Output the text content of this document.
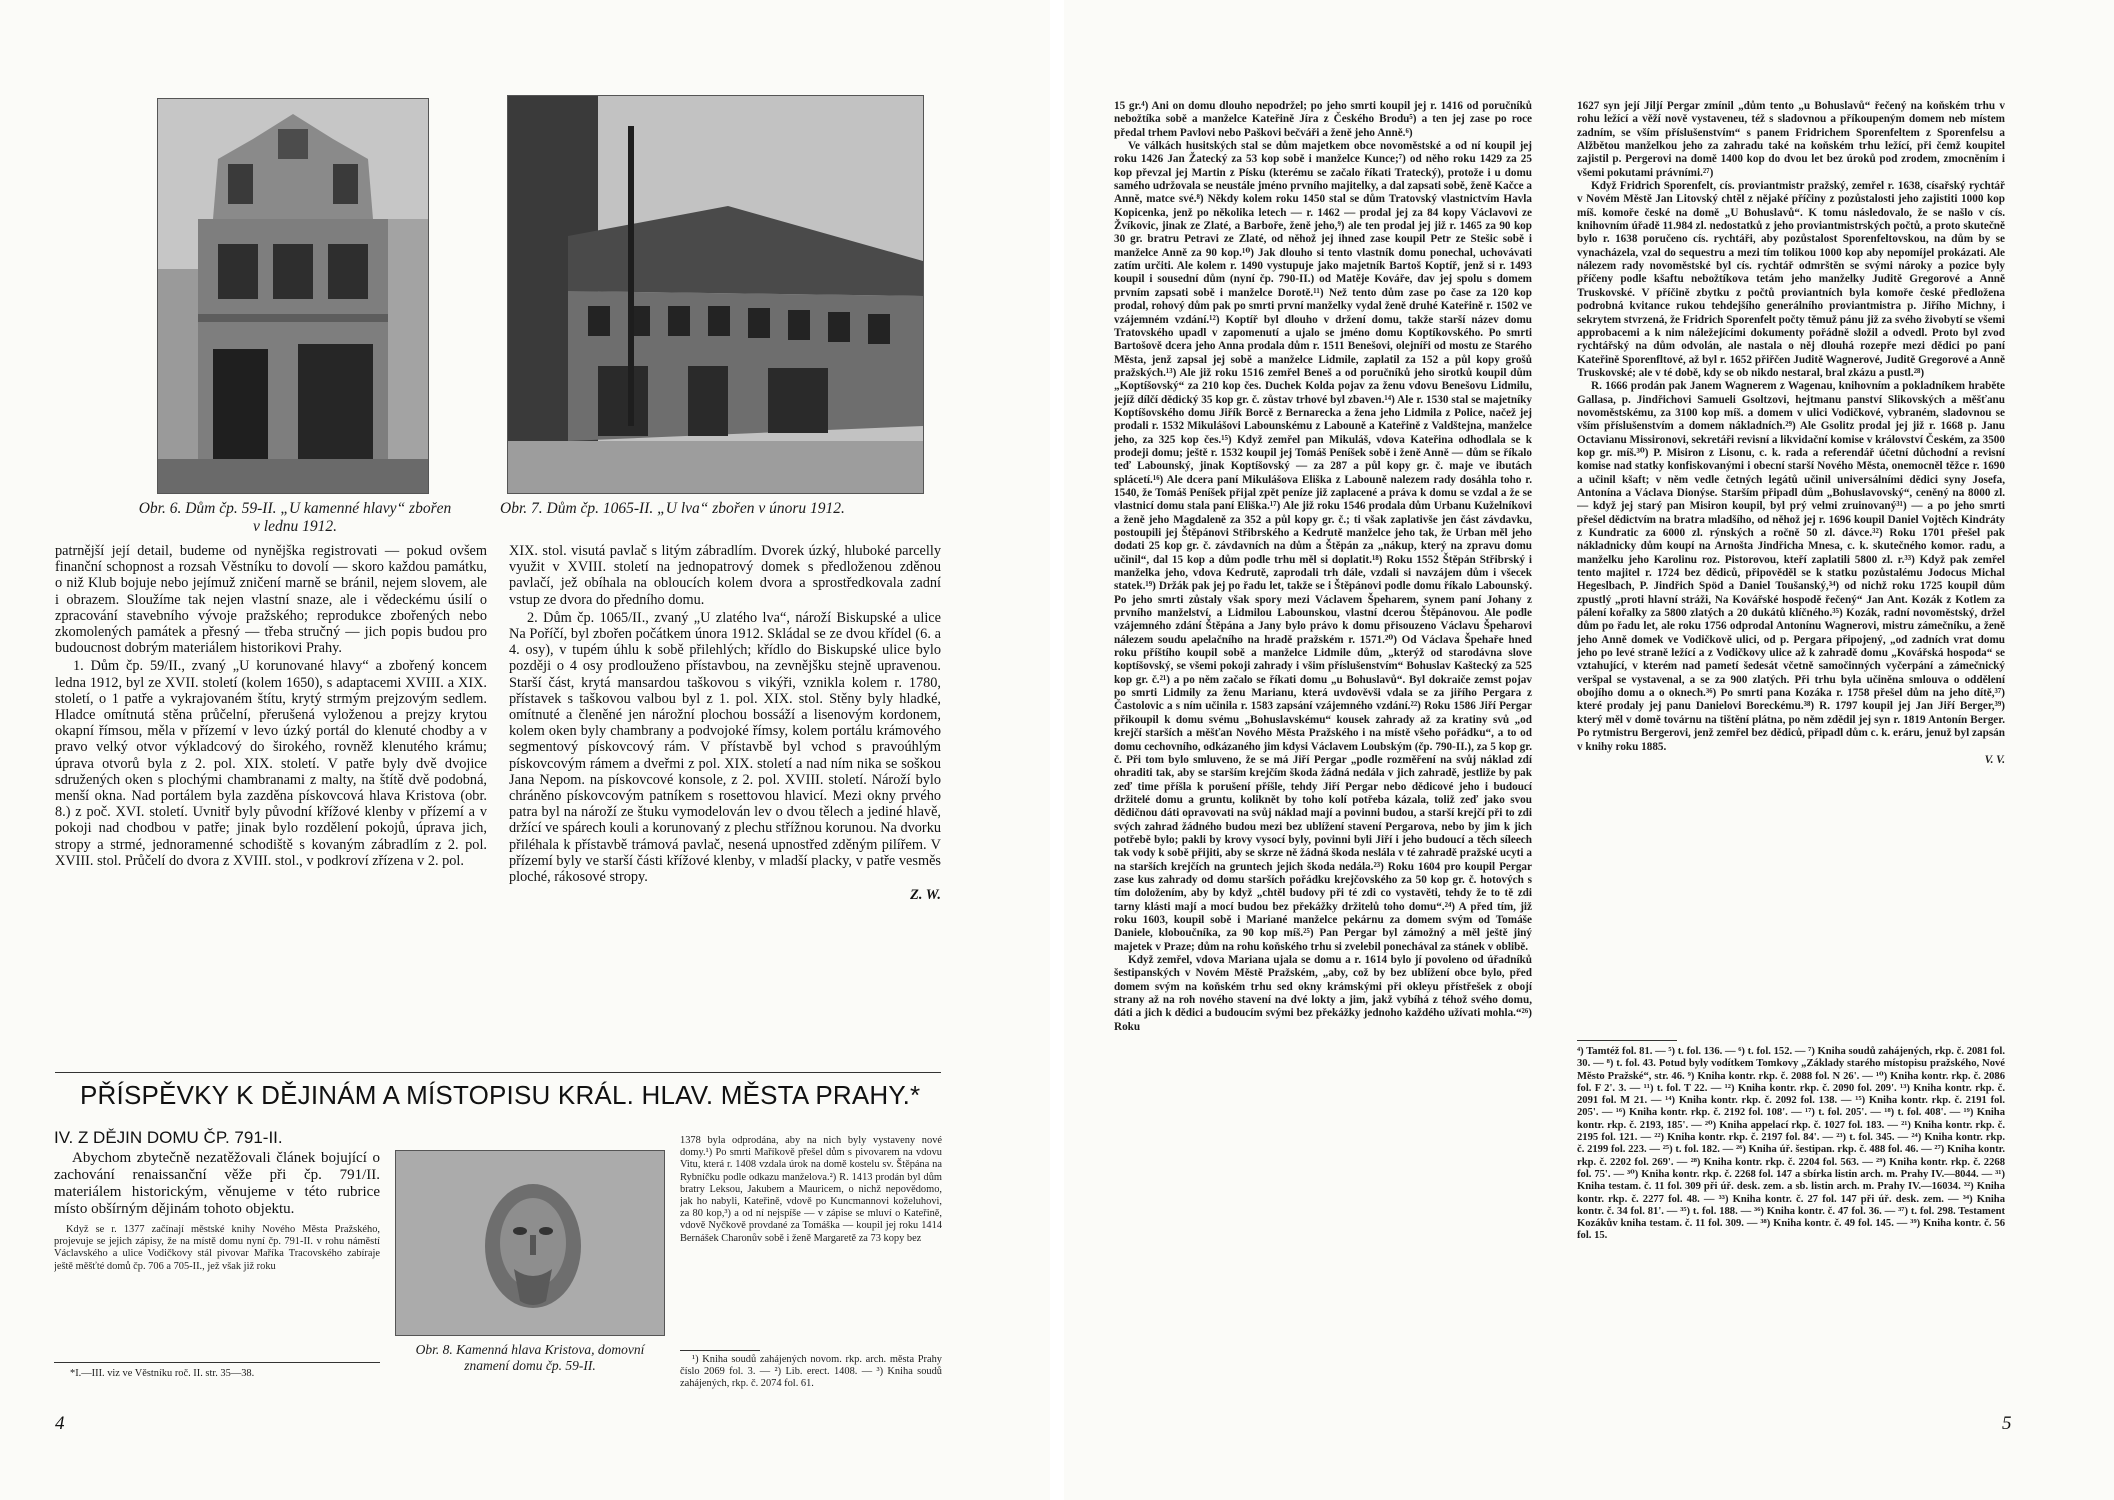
Obr. 6. Dům čp. 59-II. „U kamenné hlavy“ zbořen
v lednu 1912.
Obr. 7. Dům čp. 1065-II. „U lva“ zbořen v únoru 1912.

patrnější její detail, budeme od nynějška registrovati — pokud ovšem finanční schopnost a rozsah Věstníku to dovolí — skoro každou památku, o niž Klub bojuje nebo jejímuž zničení marně se bránil, nejem slovem, ale i obrazem. Sloužíme tak nejen vlastní snaze, ale i vědeckému úsilí o zpracování stavebního vývoje pražského; reprodukce zbořených nebo zkomolených památek a přesný — třeba stručný — jich popis budou pro budoucnost dobrým materiálem historikovi Prahy.

1. Dům čp. 59/II., zvaný „U korunované hlavy“ a zbořený koncem ledna 1912, byl ze XVII. století (kolem 1650), s adaptacemi XVIII. a XIX. století, o 1 patře a vykrajovaném štítu, krytý strmým prejzovým sedlem. Hladce omítnutá stěna průčelní, přerušená vyloženou a prejzy krytou okapní římsou, měla v přízemí v levo úzký portál do klenuté chodby a v pravo velký otvor výkladcový do širokého, rovněž klenutého krámu; úprava otvorů byla z 2. pol. XIX. století. V patře byly dvě dvojice sdružených oken s plochými chambranami z malty, na štítě dvě podobná, menší okna. Nad portálem byla zazděna pískovcová hlava Kristova (obr. 8.) z poč. XVI. století. Uvnitř byly původní křížové klenby v přízemí a v pokoji nad chodbou v patře; jinak bylo rozdělení pokojů, úprava jich, stropy a strmé, jednoramenné schodiště s kovaným zábradlím z 2. pol. XVIII. stol. Průčelí do dvora z XVIII. stol., v podkroví zřízena v 2. pol.

XIX. stol. visutá pavlač s litým zábradlím. Dvorek úzký, hluboké parcelly využit v XVIII. století na jednopatrový domek s předloženou zděnou pavlačí, jež obíhala na obloucích kolem dvora a sprostředkovala zadní vstup ze dvora do předního domu.

2. Dům čp. 1065/II., zvaný „U zlatého lva“, nároží Biskupské a ulice Na Poříčí, byl zbořen počátkem února 1912. Skládal se ze dvou křídel (6. a 4. osy), v tupém úhlu k sobě přilehlých; křídlo do Biskupské ulice bylo později o 4 osy prodlouženo přístavbou, na zevnějšku stejně upravenou. Starší část, krytá mansardou taškovou s vikýři, vznikla kolem r. 1780, přístavek s taškovou valbou byl z 1. pol. XIX. stol. Stěny byly hladké, omítnuté a členěné jen nárožní plochou bossáží a lisenovým kordonem, kolem oken byly chambrany a podvojoké římsy, kolem portálu krámového segmentový pískovcový rám. V přístavbě byl vchod s pravoúhlým pískovcovým rámem a dveřmi z pol. XIX. století a nad ním nika se soškou Jana Nepom. na pískovcové konsole, z 2. pol. XVIII. století. Nároží bylo chráněno pískovcovým patníkem s rosettovou hlavicí. Mezi okny prvého patra byl na nároží ze štuku vymodelován lev o dvou tělech a jediné hlavě, držící ve spárech kouli a korunovaný z plechu střížnou korunou. Na dvorku přiléhala k přístavbě trámová pavlač, nesená upnostřed zděným pilířem. V přízemí byly ve starší části křížové klenby, v mladší placky, v patře vesměs ploché, rákosové stropy.

Z. W.

PŘÍSPĚVKY K DĚJINÁM A MÍSTOPISU KRÁL. HLAV. MĚSTA PRAHY.*
IV. Z DĚJIN DOMU ČP. 791-II.

Abychom zbytečně nezatěžovali článek bojující o zachování renaissanční věže při čp. 791/II. materiálem historickým, věnujeme v této rubrice místo obšírným dějinám tohoto objektu.

Když se r. 1377 začínají městské knihy Nového Města Pražského, projevuje se jejich zápisy, že na místě domu nyní čp. 791-II. v rohu náměstí Václavského a ulice Vodičkovy stál pivovar Maříka Tracovského zabíraje ještě měšťté domů čp. 706 a 705-II., jež však již roku

*I.—III. viz ve Věstníku roč. II. str. 35—38.
Obr. 8. Kamenná hlava Kristova, domovní
znamení domu čp. 59-II.

1378 byla odprodána, aby na nich byly vystaveny nové domy.¹) Po smrti Maříkově přešel dům s pivovarem na vdovu Vitu, která r. 1408 vzdala úrok na domě kostelu sv. Štěpána na Rybníčku podle odkazu manželova.²) R. 1413 prodán byl dům bratry Leksou, Jakubem a Mauricem, o nichž nepovědomo, jak ho nabyli, Kateřině, vdově po Kuncmannovi koželuhovi, za 80 kop,³) a od ní nejspíše — v zápise se mluví o Kateřině, vdově Nyčkově provdané za Tomáška — koupil jej roku 1414 Bernášek Charonův sobě i ženě Margaretě za 73 kopy bez

¹) Kniha soudů zahájených novom. rkp. arch. města Prahy číslo 2069 fol. 3. — ²) Lib. erect. 1408. — ³) Kniha soudů zahájených, rkp. č. 2074 fol. 61.

4

15 gr.⁴) Ani on domu dlouho nepodržel; po jeho smrti koupil jej r. 1416 od poručníků nebožtíka sobě a manželce Kateřině Jíra z Českého Brodu⁵) a ten jej zase po roce předal trhem Pavlovi nebo Paškovi bečváři a ženě jeho Anně.⁶)

Ve válkách husitských stal se dům majetkem obce novoměstské a od ní koupil jej roku 1426 Jan Žatecký za 53 kop sobě i manželce Kunce;⁷) od něho roku 1429 za 25 kop převzal jej Martin z Písku (kterému se začalo říkati Tratecký), protože i u domu samého udržovala se neustále jméno prvního majitelky, a dal zapsati sobě, ženě Kačce a Anně, matce své.⁸) Někdy kolem roku 1450 stal se dům Tratovský vlastnictvím Havla Kopicenka, jenž po několika letech — r. 1462 — prodal jej za 84 kopy Václavovi ze Žvíkovic, jinak ze Zlaté, a Barboře, ženě jeho,⁹) ale ten prodal jej již r. 1465 za 90 kop 30 gr. bratru Petravi ze Zlaté, od něhož jej ihned zase koupil Petr ze Stešic sobě i manželce Anně za 90 kop.¹⁰) Jak dlouho si tento vlastník domu ponechal, uchovávati zatím určiti. Ale kolem r. 1490 vystupuje jako majetník Bartoš Koptíř, jenž si r. 1493 koupil i sousední dům (nyní čp. 790-II.) od Matěje Kováře, dav jej spolu s domem prvním zapsati sobě i manželce Dorotě.¹¹) Než tento dům zase po čase za 120 kop prodal, rohový dům pak po smrti první manželky vydal ženě druhé Kateřině r. 1502 ve vzájemném vzdání.¹²) Koptíř byl dlouho v držení domu, takže starší název domu Tratovského upadl v zapomenutí a ujalo se jméno domu Koptíkovského. Po smrti Bartošově dcera jeho Anna prodala dům r. 1511 Benešovi, olejníři od mostu ze Starého Města, jenž zapsal jej sobě a manželce Lidmile, zaplatil za 152 a půl kopy grošů pražských.¹³) Ale již roku 1516 zemřel Beneš a od poručníků jeho sirotků koupil dům „Koptíšovský“ za 210 kop čes. Duchek Kolda pojav za ženu vdovu Benešovu Lidmilu, jejíž dílčí dědický 35 kop gr. č. zůstav trhové byl zbaven.¹⁴) Ale r. 1530 stal se majetníky Koptíšovského domu Jiřík Borcě z Bernarecka a žena jeho Lidmila z Police, načež jej prodali r. 1532 Mikulášovi Labounskému z Labouně a Kateřině z Valdštejna, manželce jeho, za 325 kop čes.¹⁵) Když zemřel pan Mikuláš, vdova Kateřina odhodlala se k prodeji domu; ještě r. 1532 koupil jej Tomáš Peníšek sobě i ženě Anně — dům se říkalo teď Labounský, jinak Koptíšovský — za 287 a půl kopy gr. č. maje ve ibutách splácetí.¹⁶) Ale dcera paní Mikulášova Eliška z Labouně nalezem rady dosáhla toho r. 1540, že Tomáš Peníšek přijal zpět peníze již zaplacené a práva k domu se vzdal a že se vlastnicí domu stala paní Eliška.¹⁷) Ale již roku 1546 prodala dům Urbanu Kuželníkovi a ženě jeho Magdaleně za 352 a půl kopy gr. č.; ti však zaplativše jen část závdavku, postoupili jej Štěpánovi Střibrského a Kedrutě manželce jeho tak, že Urban měl jeho dodati 25 kop gr. č. závdavních na dům a Štěpán za „nákup, který na zpravu domu učinil“, dal 15 kop a dům podle trhu měl si doplatit.¹⁸) Roku 1552 Štěpán Střibrský i manželka jeho, vdova Kedrutě, zaprodali trh dále, vzdali si navzájem dům i všecek statek.¹⁹) Držák pak jej po řadu let, takže se i Štěpánovi podle domu říkalo Labounský. Po jeho smrti zůstaly však spory mezi Václavem Špeharem, synem paní Johany z prvního manželství, a Lidmilou Labounskou, vlastní dcerou Štěpánovou. Ale podle vzájemného zdání Štěpána a Jany bylo právo k domu přisouzeno Václavu Špeharovi nálezem soudu apelačního na hradě pražském r. 1571.²⁰) Od Václava Špehaře hned roku příštího koupil sobě a manželce Lidmile dům, „kterýž od starodávna slove koptíšovský, se všemi pokoji zahrady i všim příslušenstvím“ Bohuslav Kaštecký za 525 kop gr. č.²¹) a po něm začalo se říkati domu „u Bohuslavů“. Byl dokraiče zemst pojav po smrti Lidmily za ženu Marianu, která uvdověvši vdala se za jiřího Pergara z Častolovic a s ním učinila r. 1583 zapsání vzájemného vzdání.²²) Roku 1586 Jiří Pergar přikoupil k domu svému „Bohuslavskému“ kousek zahrady až za kratiny svů „od krejčí starších a měšťan Nového Města Pražského i na místě všeho pořádku“, a to od domu cechovního, odkázaného jim kdysi Václavem Loubským (čp. 790-II.), za 5 kop gr. č. Při tom bylo smluveno, že se má Jiří Pergar „podle rozměření na svůj náklad zdí ohraditi tak, aby se starším krejčím škoda žádná nedála v jich zahradě, jestliže by pak zeď time příšla k porušení příšle, tehdy Jiří Pergar nebo dědicové jeho i budoucí držitelé domu a gruntu, koliknět by toho kolí potřeba kázala, toliž zeď jako svou dědičnou dáti opravovati na svůj náklad mají a povinni budou, a starší krejčí při to zdi svých zahrad žádného budou mezi bez ublížení stavení Pergarova, nebo by jim k jich potřebě bylo; pakli by krovy vysocí byly, povinni byli Jiří i jeho budoucí a těch síleech tak vody k sobě přijiti, aby se skrze ně žádná škoda neslála v té zahradě pražské ucyti a na starších krejčích na gruntech jejich škoda nedála.²³) Roku 1604 pro koupil Pergar zase kus zahrady od domu starších pořádku krejčovského za 50 kop gr. č. hotových s tím doložením, aby by když „chtěl budovy při té zdi co vystavěti, tehdy že to tě zdi tarny klásti mají a mocí budou bez překážky držitelů toho domu“.²⁴) A před tím, již roku 1603, koupil sobě i Mariané manželce pekárnu za domem svým od Tomáše Daniele, kloboučníka, za 90 kop míš.²⁵) Pan Pergar byl zámožný a měl ještě jiný majetek v Praze; dům na rohu koňského trhu si zvelebil ponechával za stánek v oblibě.

Když zemřel, vdova Mariana ujala se domu a r. 1614 bylo jí povoleno od úřadníků šestipanských v Novém Městě Pražském, „aby, což by bez ublížení obce bylo, před domem svým na koňském trhu sed okny krámskými při okleyu přístřešek z obojí strany až na roh nového stavení na dvé lokty a jim, jakž vybíhá z téhož svého domu, dáti a jich k dědici a budoucím svými bez překážky jednoho každého užívati mohla.“²⁶) Roku

1627 syn její Jiljí Pergar zmínil „dům tento „u Bohuslavů“ řečený na koňském trhu v rohu ležící a věží nově vystaveneu, též s sladovnou a příkoupeným domem neb místem zadním, se vším příslušenstvím“ s panem Fridrichem Sporenfeltem z Sporenfelsu a Alžbětou manželkou jeho za zahradu také na koňském trhu ležící, při čemž koupitel zajistil p. Pergerovi na domě 1400 kop do dvou let bez úroků pod zrodem, zmocněním i všemi pokutami právními.²⁷)

Když Fridrich Sporenfelt, cís. proviantmistr pražský, zemřel r. 1638, císařský rychtář v Novém Městě Jan Litovský chtěl z nějaké příčiny z pozůstalosti jeho zajistiti 1000 kop míš. komoře české na domě „U Bohuslavů“. K tomu následovalo, že se našlo v cís. knihovním úřadě 11.984 zl. nedostatků z jeho proviantmistrských počtů, a proto skutečně bylo r. 1638 poručeno cís. rychtáři, aby pozůstalost Sporenfeltovskou, na dům by se vynacházela, vzal do sequestru a mezi tím tolikou 1000 kop aby nepomíjel prokázati. Ale nálezem rady novoměstské byl cís. rychtář odmrštěn se svými nároky a pozice byly příčeny podle kšaftu nebožtíkova tetám jeho manželky Juditě Gregorové a Anně Truskovské. V příčině zbytku z počtů proviantních byla komoře české předložena podrobná kvitance rukou tehdejšího generálního proviantmistra p. Jiřího Michny, i sekrytem stvrzená, že Fridrich Sporenfelt počty těmuž pánu již za svého živobytí se všemi approbacemi a k nim náležejícími dokumenty pořádně složil a odvedl. Proto byl zvod rychtářský na dům odvolán, ale nastala o něj dlouhá rozepře mezi dědici po paní Kateřině Sporenfltové, až byl r. 1652 přiřčen Juditě Wagnerové, Juditě Gregorové a Anně Truskovské; ale v té době, kdy se ob nikdo nestaral, bral zkázu a pustl.²⁸)

R. 1666 prodán pak Janem Wagnerem z Wagenau, knihovním a pokladníkem hraběte Gallasa, p. Jindřichovi Samueli Gsoltzovi, hejtmanu panství Slikovských a měšťanu novoměstskému, za 3100 kop míš. a domem v ulici Vodičkové, vybraném, sladovnou se vším příslušenstvím a domem nákladních.²⁹) Ale Gsolitz prodal jej již r. 1668 p. Janu Octavianu Missironovi, sekretáři revisní a likvidační komise v království Českém, za 3500 kop gr. míš.³⁰) P. Misiron z Lisonu, c. k. rada a referendář účetní důchodní a revisní komise nad statky konfiskovanými i obecní starší Nového Města, onemocněl těžce r. 1690 a učinil kšaft; v něm vedle četných legátů učinil universálními dědici syny Josefa, Antonína a Václava Dionýse. Starším připadl dům „Bohuslavovský“, ceněný na 8000 zl. — když jej starý pan Misiron koupil, byl prý velmi zruinovaný³¹) — a po jeho smrti přešel dědictvím na bratra mladšího, od něhož jej r. 1696 koupil Daniel Vojtěch Kindráty z Kundratic za 6000 zl. rýnských a ročně 50 zl. dávce.³²) Roku 1701 přešel pak nákladnicky dům koupí na Arnošta Jindřicha Mnesa, c. k. skutečného komor. radu, a manželku jeho Karolinu roz. Pistorovou, kteří zaplatili 5800 zl. r.³³) Když pak zemřel tento majitel r. 1724 bez dědiců, připověděl se k statku pozůstalému Jodocus Michal Hegeslbach, P. Jindřich Spöd a Daniel Toušanský,³⁴) od nichž roku 1725 koupil dům zpustlý „proti hlavní stráži, Na Kovářské hospodě řečený“ Jan Ant. Kozák z Kotlem za pálení kořalky za 5800 zlatých a 20 dukátů klíčného.³⁵) Kozák, radní novoměstský, držel dům po řadu let, ale roku 1756 odprodal Antonínu Wagnerovi, mistru zámečníku, a ženě jeho Anně domek ve Vodičkově ulici, od p. Pergara připojený, „od zadních vrat domu jeho po levé straně ležící a z Vodičkovy ulice až k zahradě domu „Kovářská hospoda“ se vztahující, v kterém nad pametí šedesát včetně samočinných vyčerpání a zámečnický veršpal se vystavenal, a se za 900 zlatých. Při trhu byla učiněna smlouva o oddělení obojího domu a o oknech.³⁶) Po smrti pana Kozáka r. 1758 přešel dům na jeho dítě,³⁷) které prodaly jej panu Danielovi Boreckému.³⁸) R. 1797 koupil jej Jan Jiří Berger,³⁹) který měl v domě továrnu na tištění plátna, po něm zdědil jej syn r. 1819 Antonín Berger. Po rytmistru Bergerovi, jenž zemřel bez dědiců, připadl dům c. k. eráru, jenuž byl zapsán v knihy roku 1885.

V. V.

⁴) Tamtéž fol. 81. — ⁵) t. fol. 136. — ⁶) t. fol. 152. — ⁷) Kniha soudů zahájených, rkp. č. 2081 fol. 30. — ⁸) t. fol. 43. Potud byly vodítkem Tomkovy „Základy starého místopisu pražského, Nové Město Pražské“, str. 46. ⁹) Kniha kontr. rkp. č. 2088 fol. N 26'. — ¹⁰) Kniha kontr. rkp. č. 2086 fol. F 2'. 3. — ¹¹) t. fol. T 22. — ¹²) Kniha kontr. rkp. č. 2090 fol. 209'. ¹³) Kniha kontr. rkp. č. 2091 fol. M 21. — ¹⁴) Kniha kontr. rkp. č. 2092 fol. 138. — ¹⁵) Kniha kontr. rkp. č. 2191 fol. 205'. — ¹⁶) Kniha kontr. rkp. č. 2192 fol. 108'. — ¹⁷) t. fol. 205'. — ¹⁸) t. fol. 408'. — ¹⁹) Kniha kontr. rkp. č. 2193, 185'. — ²⁰) Kniha appelací rkp. č. 1027 fol. 183. — ²¹) Kniha kontr. rkp. č. 2195 fol. 121. — ²²) Kniha kontr. rkp. č. 2197 fol. 84'. — ²³) t. fol. 345. — ²⁴) Kniha kontr. rkp. č. 2199 fol. 223. — ²⁵) t. fol. 182. — ²⁶) Kniha úř. šestipan. rkp. č. 488 fol. 46. — ²⁷) Kniha kontr. rkp. č. 2202 fol. 269'. — ²⁸) Kniha kontr. rkp. č. 2204 fol. 563. — ²⁹) Kniha kontr. rkp. č. 2268 fol. 75'. — ³⁰) Kniha kontr. rkp. č. 2268 fol. 147 a sbírka listin arch. m. Prahy IV.—8044. — ³¹) Kniha testam. č. 11 fol. 309 při úř. desk. zem. a sb. listin arch. m. Prahy IV.—16034. ³²) Kniha kontr. rkp. č. 2277 fol. 48. — ³³) Kniha kontr. č. 27 fol. 147 při úř. desk. zem. — ³⁴) Kniha kontr. č. 34 fol. 81'. — ³⁵) t. fol. 188. — ³⁶) Kniha kontr. č. 47 fol. 36. — ³⁷) t. fol. 298. Testament Kozákův kniha testam. č. 11 fol. 309. — ³⁸) Kniha kontr. č. 49 fol. 145. — ³⁹) Kniha kontr. č. 56 fol. 15.

5
